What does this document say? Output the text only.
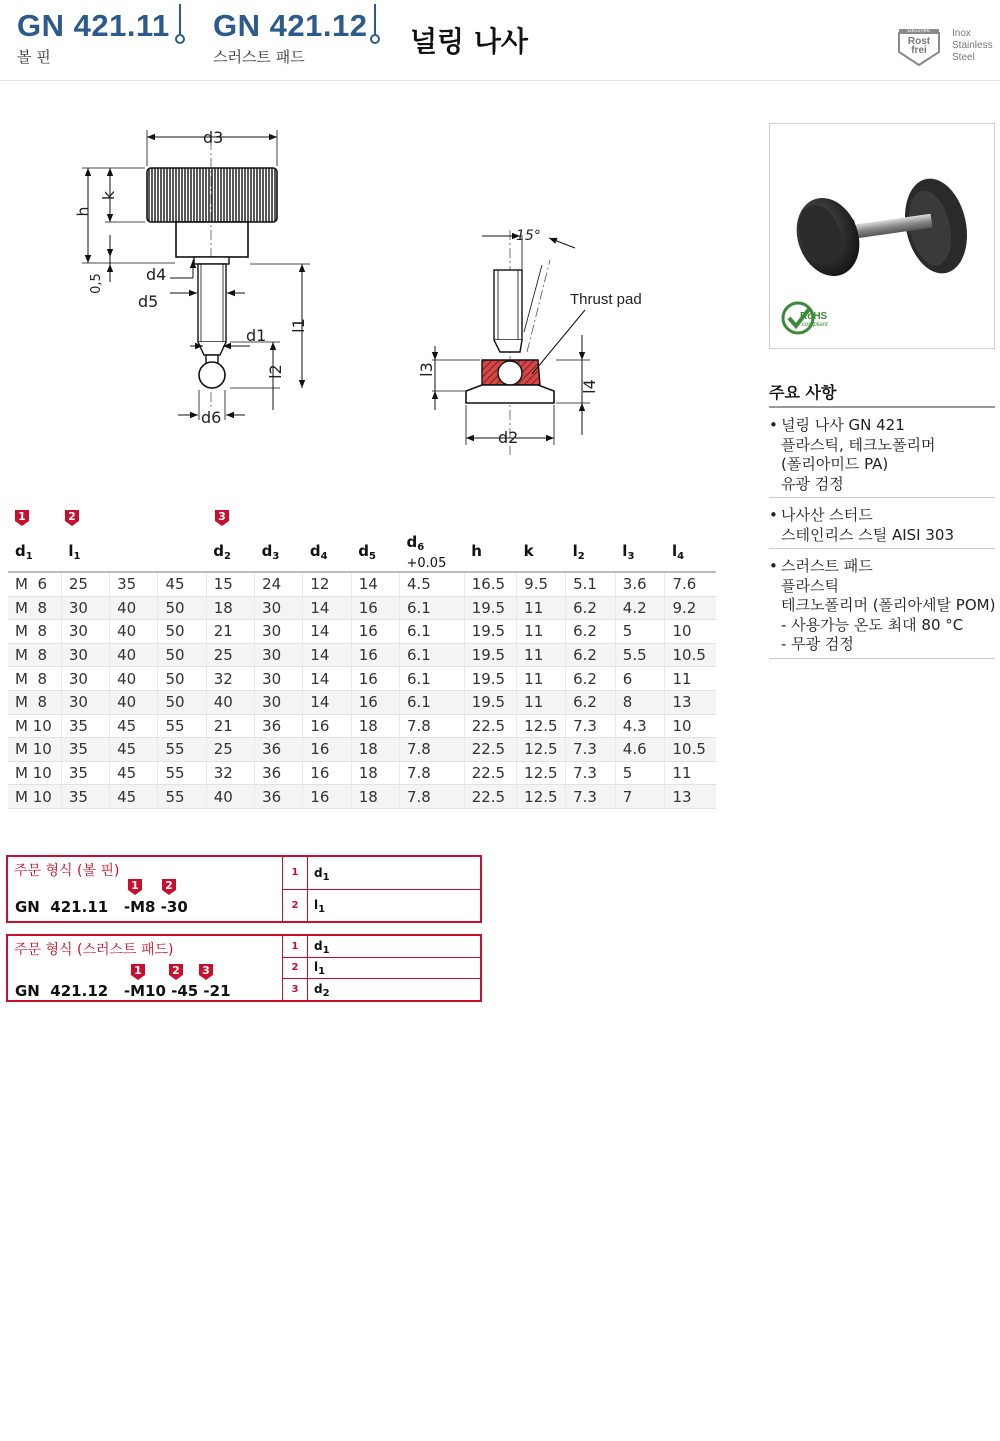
GN 421.11
볼 핀
GN 421.12
스러스트 패드	널링 나사	EDELSTAHL
Rost frei
Inox
Stainless
Steel
d3
h
k
0,5	d4
d5
d1
d6
l1
l2
15°
Thrust pad
l3
l4
d2
1	2	3
$d_1$	$l_1$			$d_2$	$d_3$	$d_4$	$d_5$	$d_6 +0.05$	h	k	$l_2$	$l_3$	$l_4$
M  6	25	35	45	15	24	12	14	4.5	16.5	9.5	5.1	3.6	7.6
M  8	30	40	50	18	30	14	16	6.1	19.5	11	6.2	4.2	9.2
M  8	30	40	50	21	30	14	16	6.1	19.5	11	6.2	5	10
M  8	30	40	50	25	30	14	16	6.1	19.5	11	6.2	5.5	10.5
M  8	30	40	50	32	30	14	16	6.1	19.5	11	6.2	6	11
M  8	30	40	50	40	30	14	16	6.1	19.5	11	6.2	8	13
M 10	35	45	55	21	36	16	18	7.8	22.5	12.5	7.3	4.3	10
M 10	35	45	55	25	36	16	18	7.8	22.5	12.5	7.3	4.6	10.5
M 10	35	45	55	32	36	16	18	7.8	22.5	12.5	7.3	5	11
M 10	35	45	55	40	36	16	18	7.8	22.5	12.5	7.3	7	13
RoHS
compliant
주요 사항
• 널링 나사 GN 421
플라스틱, 테크노폴리머
(폴리아미드 PA)
유광 검정
• 나사산 스터드
스테인리스 스틸 AISI 303
• 스러스트 패드
플라스틱
테크노폴리머 (폴리아세탈 POM)
- 사용가능 온도 최대 80 °C
- 무광 검정
주문 형식 (볼 핀)
1	2
GN  421.11   -M8 -30
1	$d_1$
2	$l_1$
주문 형식 (스러스트 패드)
1	2	3
GN  421.12   -M10 -45 -21
1	$d_1$
2	$l_1$
3	$d_2$
